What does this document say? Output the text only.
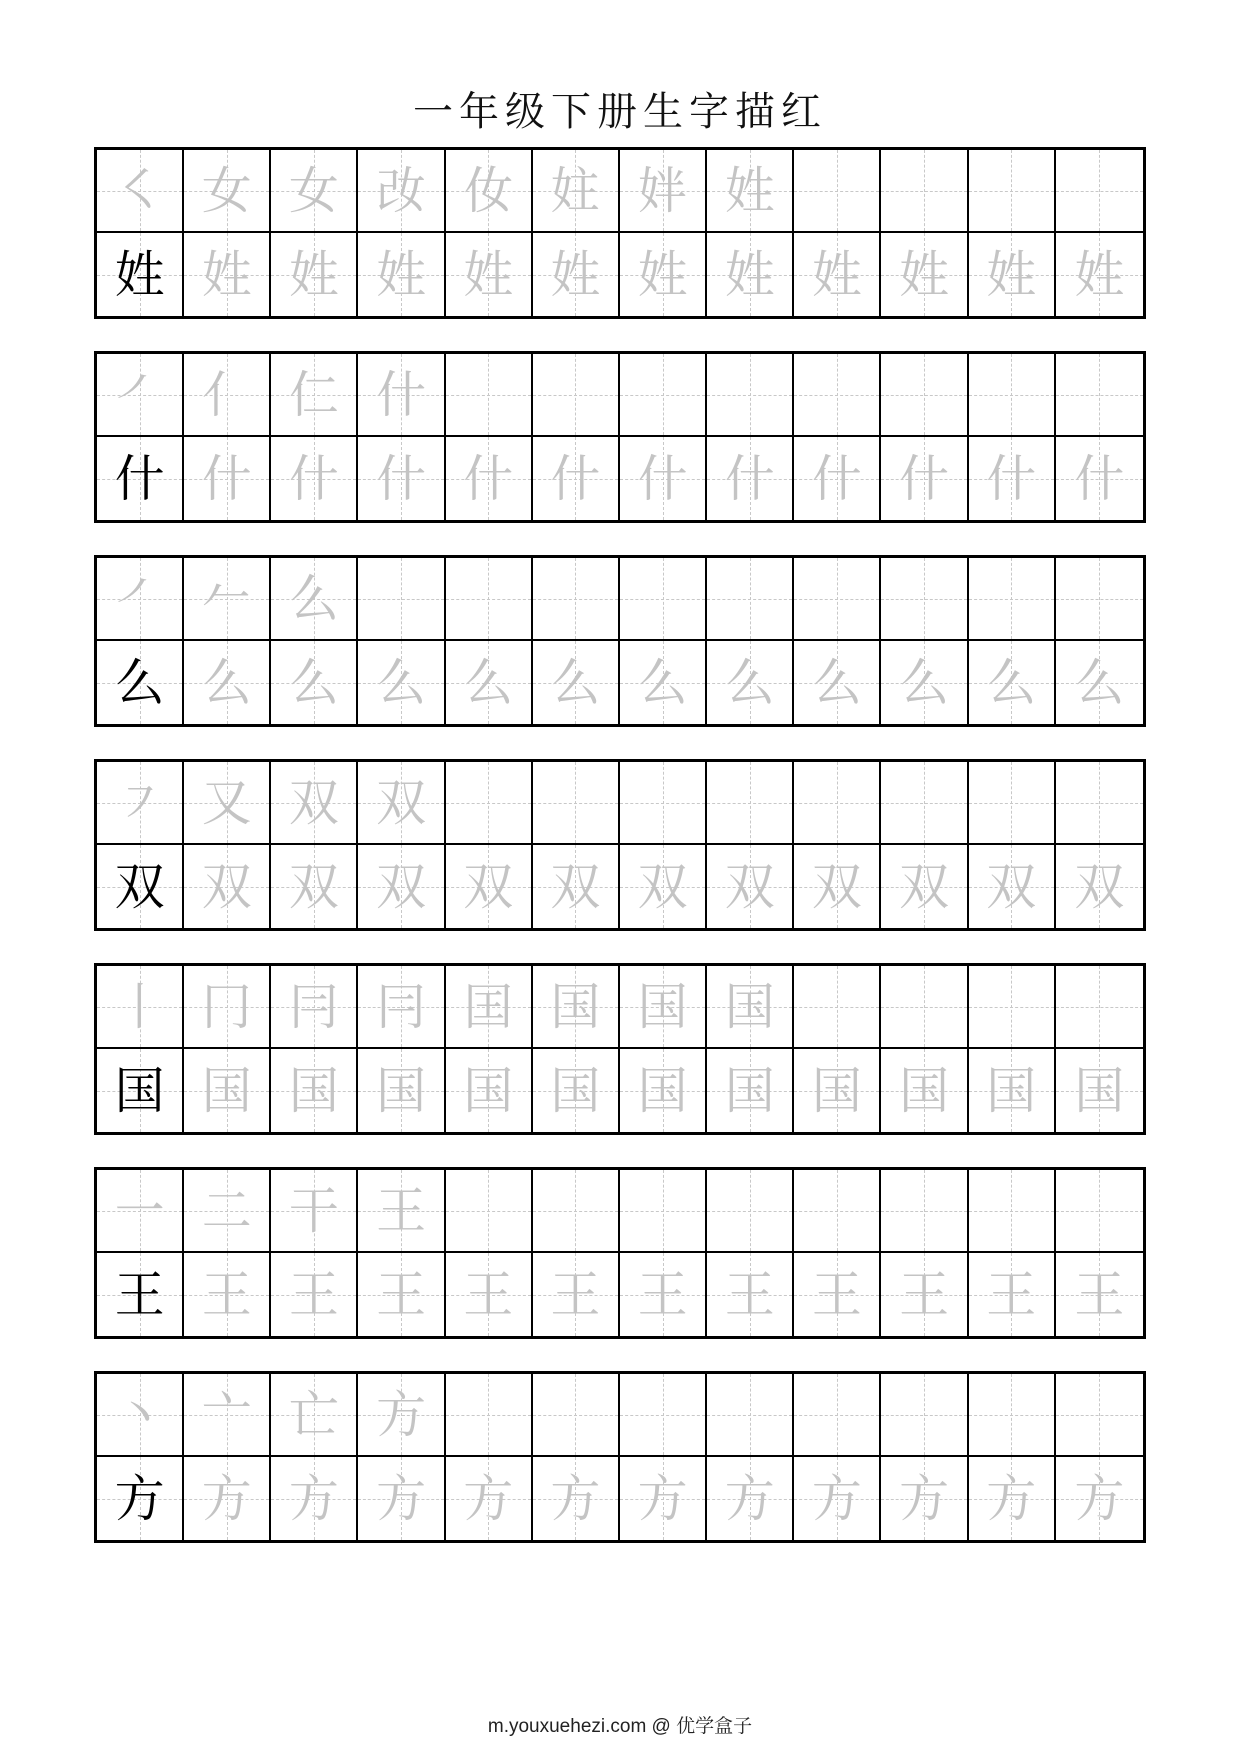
一年级下册生字描红
㇛ 女 女 妀 㚢 妵 姅 姓
姓 姓 姓 姓 姓 姓 姓 姓 姓 姓 姓 姓
㇒ 亻 仁 什
什 什 什 什 什 什 什 什 什 什 什 什
㇒ 𠂉 么
么 么 么 么 么 么 么 么 么 么 么 么
㇇ 又 双 双
双 双 双 双 双 双 双 双 双 双 双 双
丨 冂 冃 冃 囯 国 国 国
国 国 国 国 国 国 国 国 国 国 国 国
一 二 干 王
王 王 王 王 王 王 王 王 王 王 王 王
丶 亠 亡 方
方 方 方 方 方 方 方 方 方 方 方 方
m.youxuehezi.com @ 优学盒子
